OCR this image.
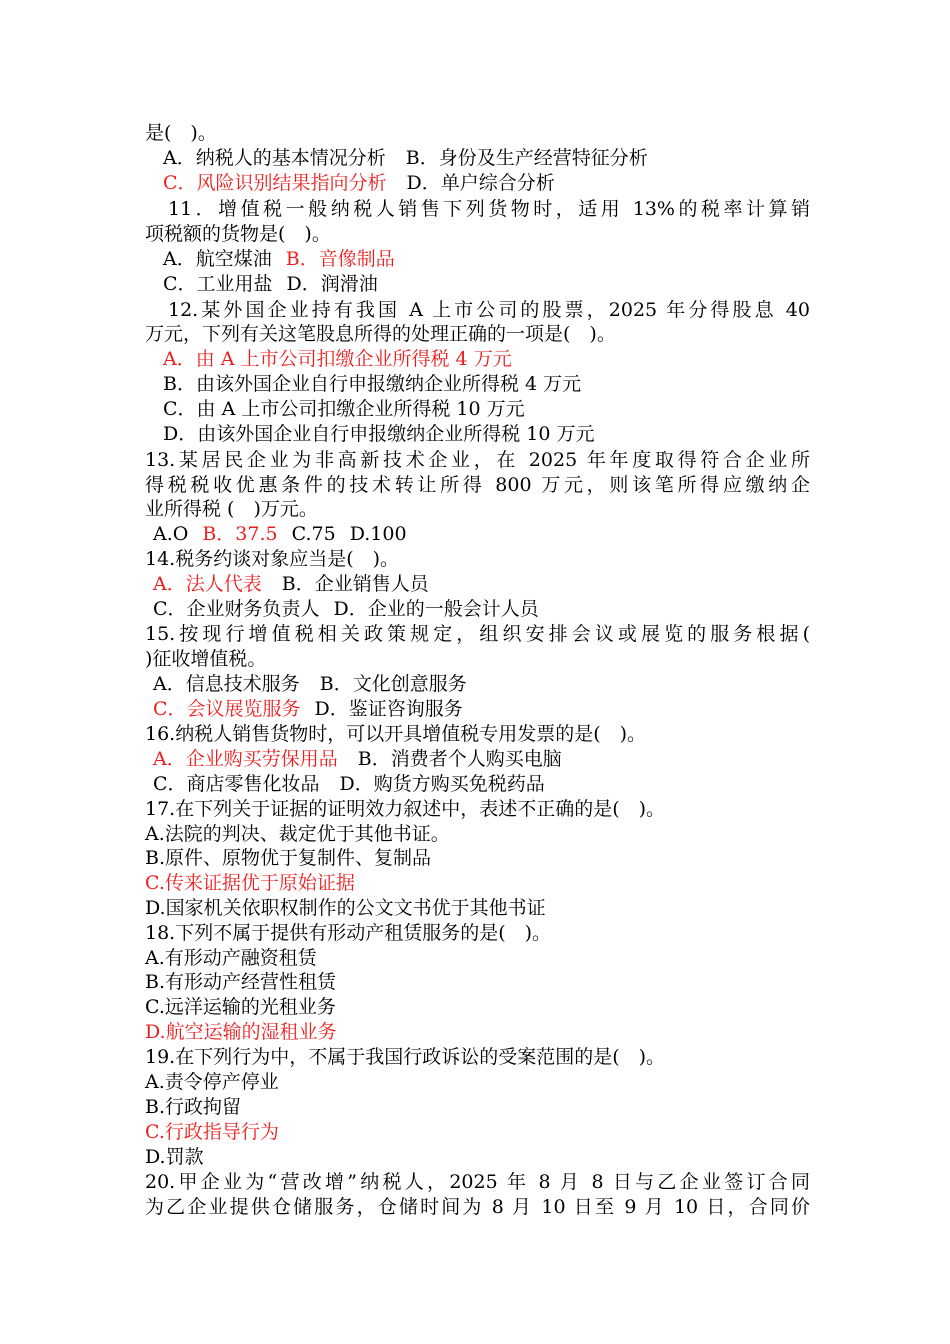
是(　)。
A．纳税人的基本情况分析 B．身份及生产经营特征分析
C．风险识别结果指向分析 D．单户综合分析
11．增值税一般纳税人销售下列货物时，适用 13%的税率计算销
项税额的货物是(　)。
A．航空煤油 B．音像制品
C．工业用盐 D．润滑油
12.某外国企业持有我国 A 上市公司的股票，2025 年分得股息 40
万元，下列有关这笔股息所得的处理正确的一项是(　)。
A．由 A 上市公司扣缴企业所得税 4 万元
B．由该外国企业自行申报缴纳企业所得税 4 万元
C．由 A 上市公司扣缴企业所得税 10 万元
D．由该外国企业自行申报缴纳企业所得税 10 万元
13.某居民企业为非高新技术企业，在 2025 年年度取得符合企业所
得税税收优惠条件的技术转让所得 800 万元，则该笔所得应缴纳企
业所得税 (　)万元。
A.O B．37.5 C.75 D.100
14.税务约谈对象应当是(　)。
A．法人代表 B．企业销售人员
C．企业财务负责人 D．企业的一般会计人员
15.按现行增值税相关政策规定，组织安排会议或展览的服务根据(
)征收增值税。
A．信息技术服务 B．文化创意服务
C．会议展览服务 D．鉴证咨询服务
16.纳税人销售货物时，可以开具增值税专用发票的是(　)。
A．企业购买劳保用品 B．消费者个人购买电脑
C．商店零售化妆品 D．购货方购买免税药品
17.在下列关于证据的证明效力叙述中，表述不正确的是(　)。
A.法院的判决、裁定优于其他书证。
B.原件、原物优于复制件、复制品
C.传来证据优于原始证据
D.国家机关依职权制作的公文文书优于其他书证
18.下列不属于提供有形动产租赁服务的是(　)。
A.有形动产融资租赁
B.有形动产经营性租赁
C.远洋运输的光租业务
D.航空运输的湿租业务
19.在下列行为中，不属于我国行政诉讼的受案范围的是(　)。
A.责令停产停业
B.行政拘留
C.行政指导行为
D.罚款
20.甲企业为“营改增”纳税人，2025 年 8 月 8 日与乙企业签订合同
为乙企业提供仓储服务，仓储时间为 8 月 10 日至 9 月 10 日，合同价
